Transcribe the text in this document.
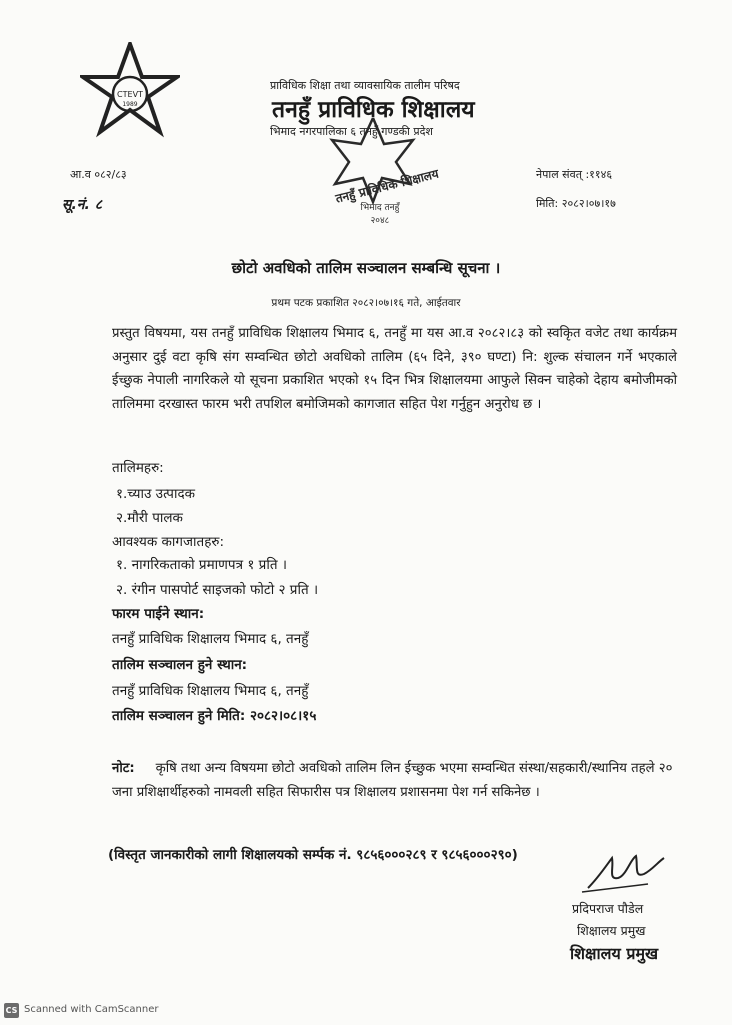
CTEVT
1989
प्राविधिक शिक्षा तथा व्यावसायिक तालीम परिषद
तनहुँ प्राविधिक शिक्षालय
भिमाद नगरपालिका ६ तनहुँ गण्डकी प्रदेश
तनहुँ प्राविधिक शिक्षालय
भिमाद तनहुँ
२०४८
आ.व ०८२/८३
सू.नं. ८
नेपाल संवत् :११४६
मिति: २०८२।०७।१७
छोटो अवधिको तालिम सञ्चालन सम्बन्धि सूचना ।
प्रथम पटक प्रकाशित २०८२।०७।१६ गते, आईतवार
प्रस्तुत विषयमा, यस तनहुँ प्राविधिक शिक्षालय भिमाद ६, तनहुँ मा यस आ.व २०८२।८३ को स्वकृित वजेट तथा कार्यक्रम अनुसार दुई वटा कृषि संग सम्वन्धित छोटो अवधिको तालिम (६५ दिने, ३९० घण्टा) नि: शुल्क संचालन गर्ने भएकाले ईच्छुक नेपाली नागरिकले यो सूचना प्रकाशित भएको १५ दिन भित्र शिक्षालयमा आफुले सिक्न चाहेको देहाय बमोजीमको तालिममा दरखास्त फारम भरी तपशिल बमोजिमको कागजात सहित पेश गर्नुहुन अनुरोध छ ।
तालिमहरु:
१.च्याउ उत्पादक
२.मौरी पालक
आवश्यक कागजातहरु:
१. नागरिकताको प्रमाणपत्र १ प्रति ।
२. रंगीन पासपोर्ट साइजको फोटो २ प्रति ।
फारम पाईने स्थान:
तनहुँ प्राविधिक शिक्षालय भिमाद ६, तनहुँ
तालिम सञ्चालन हुने स्थान:
तनहुँ प्राविधिक शिक्षालय भिमाद ६, तनहुँ
तालिम सञ्चालन हुने मिति: २०८२।०८।१५
नोट: कृषि तथा अन्य विषयमा छोटो अवधिको तालिम लिन ईच्छुक भएमा सम्वन्धित संस्था/सहकारी/स्थानिय तहले २० जना प्रशिक्षार्थीहरुको नामवली सहित सिफारीस पत्र शिक्षालय प्रशासनमा पेश गर्न सकिनेछ ।
(विस्तृत जानकारीको लागी शिक्षालयको सर्म्पक नं. ९८५६०००२८९ र ९८५६०००२९०)
प्रदिपराज पौडेल
शिक्षालय प्रमुख
शिक्षालय प्रमुख
CS Scanned with CamScanner
